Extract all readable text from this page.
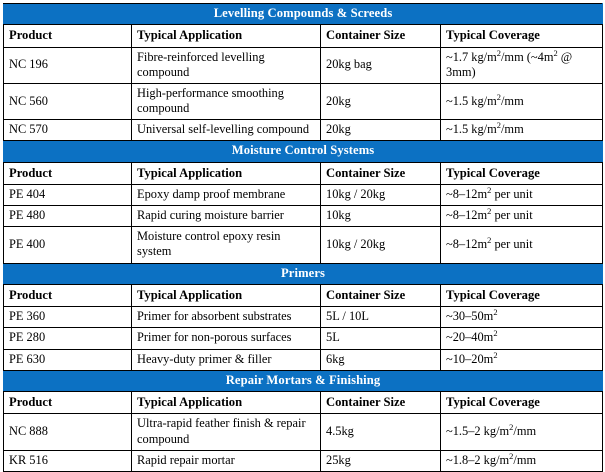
Levelling Compounds & Screeds			
Product	Typical Application	Container Size	Typical Coverage
NC 196	Fibre-reinforced levelling compound	20kg bag	~1.7 $kg/m^2/mm$ ($\sim 4m^2$ @ 3mm)
NC 560	High-performance smoothing compound	20kg	~1.5 $kg/m^2/mm$
NC 570	Universal self-levelling compound	20kg	~1.5 $kg/m^2/mm$
Moisture Control Systems			
Product	Typical Application	Container Size	Typical Coverage
PE 404	Epoxy damp proof membrane	10kg / 20kg	$\sim 8-12m^2$ per unit
PE 480	Rapid curing moisture barrier	10kg	$\sim 8-12m^2$ per unit
PE 400	Moisture control epoxy resin system	10kg / 20kg	$\sim 8-12m^2$ per unit
Primers			
Product	Typical Application	Container Size	Typical Coverage
PE 360	Primer for absorbent substrates	5L / 10L	$\sim 30-50m^2$
PE 280	Primer for non-porous surfaces	5L	$\sim 20-40m^2$
PE 630	Heavy-duty primer & filler	6kg	$\sim 10-20m^2$
Repair Mortars & Finishing			
Product	Typical Application	Container Size	Typical Coverage
NC 888	Ultra-rapid feather finish & repair compound	4.5kg	~1.5–2 $kg/m^2/mm$
KR 516	Rapid repair mortar	25kg	~1.8–2 $kg/m^2/mm$
